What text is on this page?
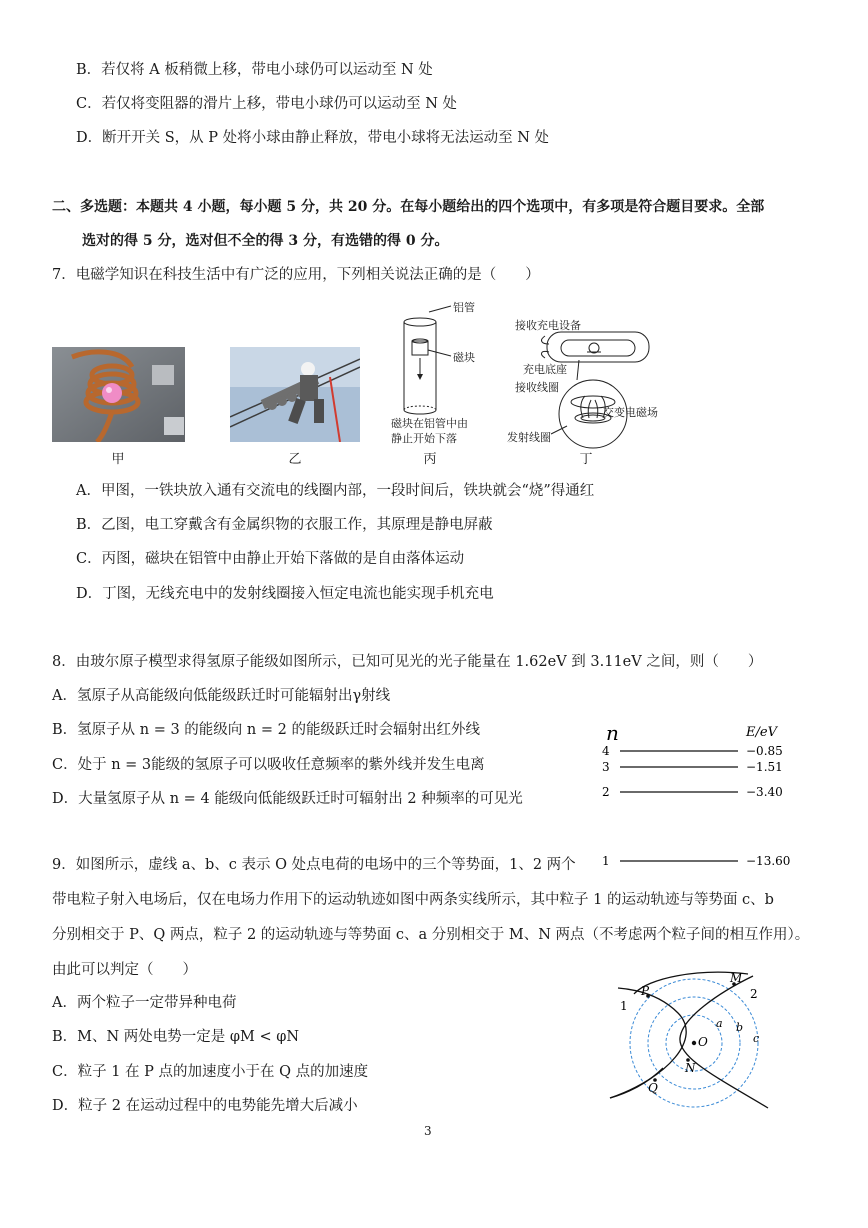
B．若仅将 A 板稍微上移，带电小球仍可以运动至 N 处
C．若仅将变阻器的滑片上移，带电小球仍可以运动至 N 处
D．断开开关 S，从 P 处将小球由静止释放，带电小球将无法运动至 N 处
二、多选题：本题共 4 小题，每小题 5 分，共 20 分。在每小题给出的四个选项中，有多项是符合题目要求。全部
选对的得 5 分，选对但不全的得 3 分，有选错的得 0 分。
7．电磁学知识在科技生活中有广泛的应用，下列相关说法正确的是（　　）
甲	乙
铝管
磁块
磁块在铝管中由
静止开始下落
丙
接收充电设备
充电底座
接收线圈
交变电磁场
发射线圈
丁
A．甲图，一铁块放入通有交流电的线圈内部，一段时间后，铁块就会“烧”得通红
B．乙图，电工穿戴含有金属织物的衣服工作，其原理是静电屏蔽
C．丙图，磁块在铝管中由静止开始下落做的是自由落体运动
D．丁图，无线充电中的发射线圈接入恒定电流也能实现手机充电
8．由玻尔原子模型求得氢原子能级如图所示，已知可见光的光子能量在 1.62eV 到 3.11eV 之间，则（　　）
A．氢原子从高能级向低能级跃迁时可能辐射出γ射线
B．氢原子从 n = 3 的能级向 n = 2 的能级跃迁时会辐射出红外线
C．处于 n = 3能级的氢原子可以吸收任意频率的紫外线并发生电离
D．大量氢原子从 n = 4 能级向低能级跃迁时可辐射出 2 种频率的可见光
n	E/eV
4	−0.85
3	−1.51
2	−3.40
1	−13.60
9．如图所示，虚线 a、b、c 表示 O 处点电荷的电场中的三个等势面，1、2 两个
带电粒子射入电场后，仅在电场力作用下的运动轨迹如图中两条实线所示，其中粒子 1 的运动轨迹与等势面 c、b
分别相交于 P、Q 两点，粒子 2 的运动轨迹与等势面 c、a 分别相交于 M、N 两点（不考虑两个粒子间的相互作用）。
由此可以判定（　　）
A．两个粒子一定带异种电荷
B．M、N 两处电势一定是 φM < φN
C．粒子 1 在 P 点的加速度小于在 Q 点的加速度
D．粒子 2 在运动过程中的电势能先增大后减小
P
M
Q
N
O
a b
c
1
2
3
